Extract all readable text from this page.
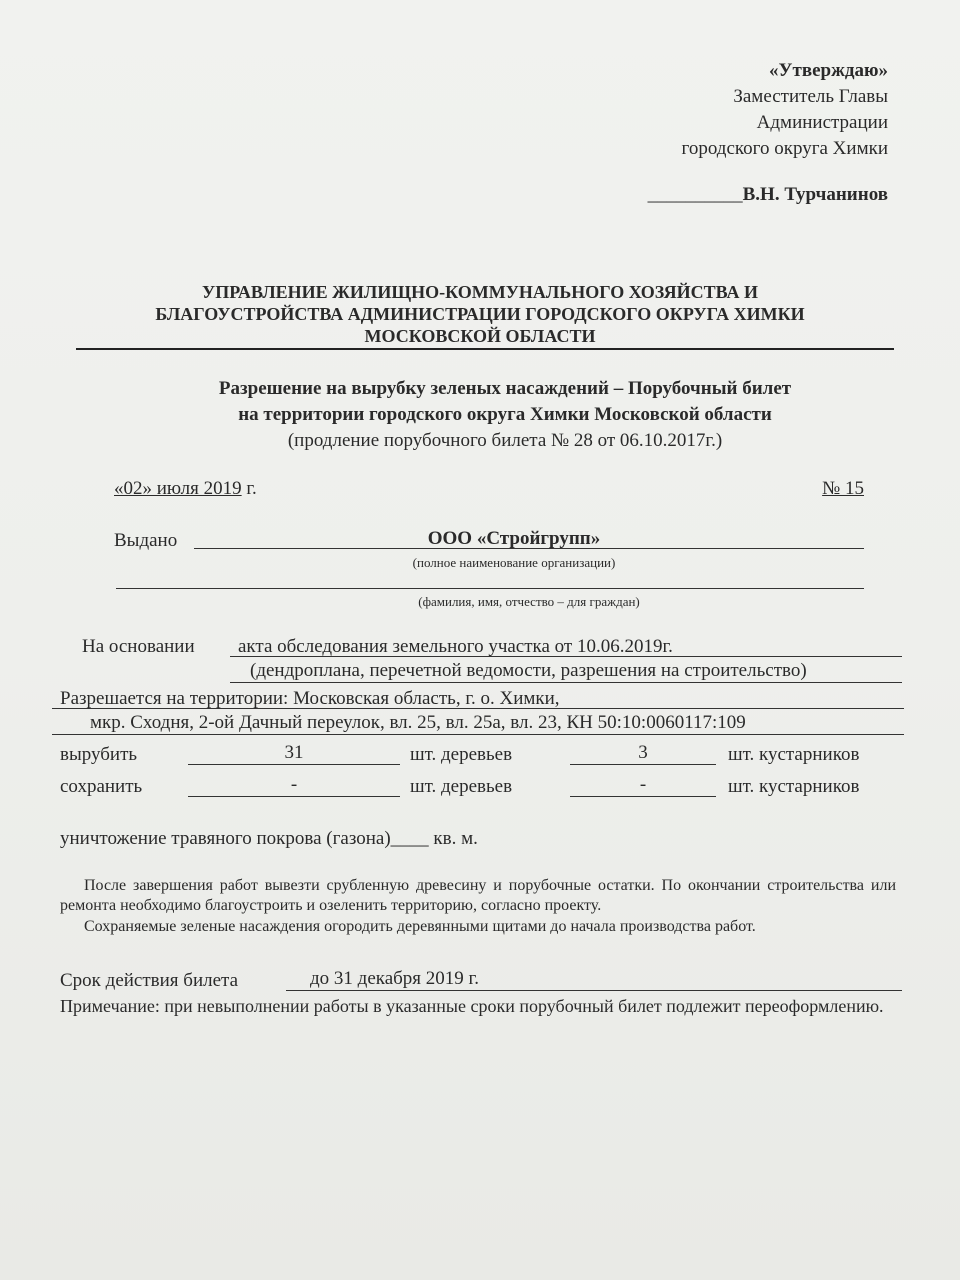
«Утверждаю»
Заместитель Главы
Администрации
городского округа Химки
__________В.Н. Турчанинов
УПРАВЛЕНИЕ ЖИЛИЩНО-КОММУНАЛЬНОГО ХОЗЯЙСТВА И
БЛАГОУСТРОЙСТВА АДМИНИСТРАЦИИ ГОРОДСКОГО ОКРУГА ХИМКИ
МОСКОВСКОЙ ОБЛАСТИ
Разрешение на вырубку зеленых насаждений – Порубочный билет
на территории городского округа Химки Московской области
(продление порубочного билета № 28 от 06.10.2017г.)
«02» июля 2019 г.	№ 15
Выдано	ООО «Стройгрупп»
(полное наименование организации)
(фамилия, имя, отчество – для граждан)
На основании акта обследования земельного участка от 10.06.2019г.
(дендроплана, перечетной ведомости, разрешения на строительство)
Разрешается на территории: Московская область, г. о. Химки,
мкр. Сходня, 2-ой Дачный переулок, вл. 25, вл. 25а, вл. 23, КН 50:10:0060117:109
вырубить	31	шт. деревьев	3	шт. кустарников
сохранить	-	шт. деревьев	-	шт. кустарников
уничтожение травяного покрова (газона)____ кв. м.
После завершения работ вывезти срубленную древесину и порубочные остатки. По окончании строительства или ремонта необходимо благоустроить и озеленить территорию, согласно проекту.
Сохраняемые зеленые насаждения огородить деревянными щитами до начала производства работ.
Срок действия билета	до 31 декабря 2019 г.
Примечание: при невыполнении работы в указанные сроки порубочный билет подлежит переоформлению.
